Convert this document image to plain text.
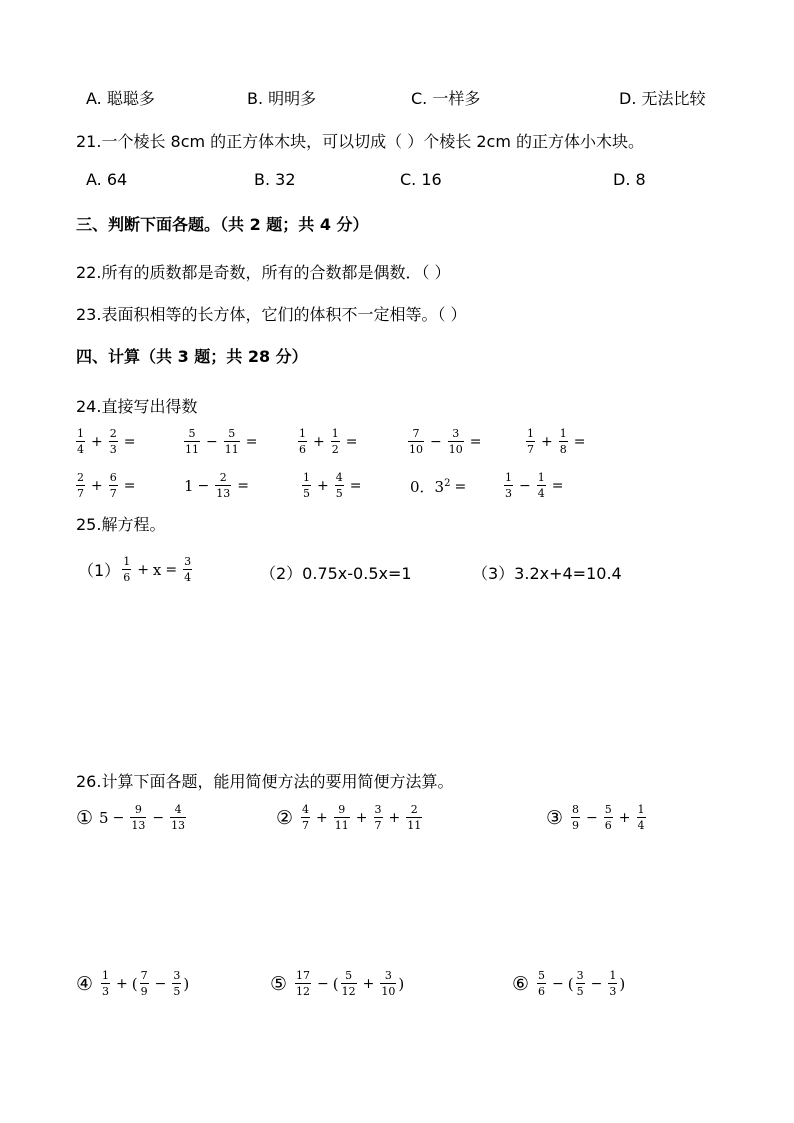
A. 聪聪多	B. 明明多	C. 一样多	D. 无法比较
21.一个棱长 8cm 的正方体木块，可以切成（ ）个棱长 2cm 的正方体小木块。
A. 64	B. 32	C. 16	D. 8
三、判断下面各题。（共 2 题；共 4 分）
22.所有的质数都是奇数，所有的合数都是偶数．（ ）
23.表面积相等的长方体，它们的体积不一定相等。（ ）
四、计算（共 3 题；共 28 分）
24.直接写出得数
$\frac{1}{4} + \frac{2}{3}$ =	$\frac{5}{11} - \frac{5}{11}$ =	$\frac{1}{6} + \frac{1}{2}$ =	$\frac{7}{10} - \frac{3}{10}$ =	$\frac{1}{7} + \frac{1}{8}$ =
$\frac{2}{7} + \frac{6}{7}$ =	$1 - \frac{2}{13}$ =	$\frac{1}{5} + \frac{4}{5}$ =	0．$3^2$ =	$\frac{1}{3} - \frac{1}{4}$ =
25.解方程。
$(1) \frac{1}{6} + x = \frac{3}{4}$	（2）0.75x-0.5x=1	（3）3.2x+4=10.4
26.计算下面各题，能用简便方法的要用简便方法算。
① $5 - \frac{9}{13} - \frac{4}{13}$	② $\frac{4}{7} + \frac{9}{11} + \frac{3}{7} + \frac{2}{11}$	③ $\frac{8}{9} - \frac{5}{6} + \frac{1}{4}$
④ $\frac{1}{3}$ + ( $\frac{7}{9} - \frac{3}{5}$ )	⑤ $\frac{17}{12}$ − ( $\frac{5}{12} + \frac{3}{10}$ )	⑥ $\frac{5}{6}$ − ( $\frac{3}{5} - \frac{1}{3}$ )
